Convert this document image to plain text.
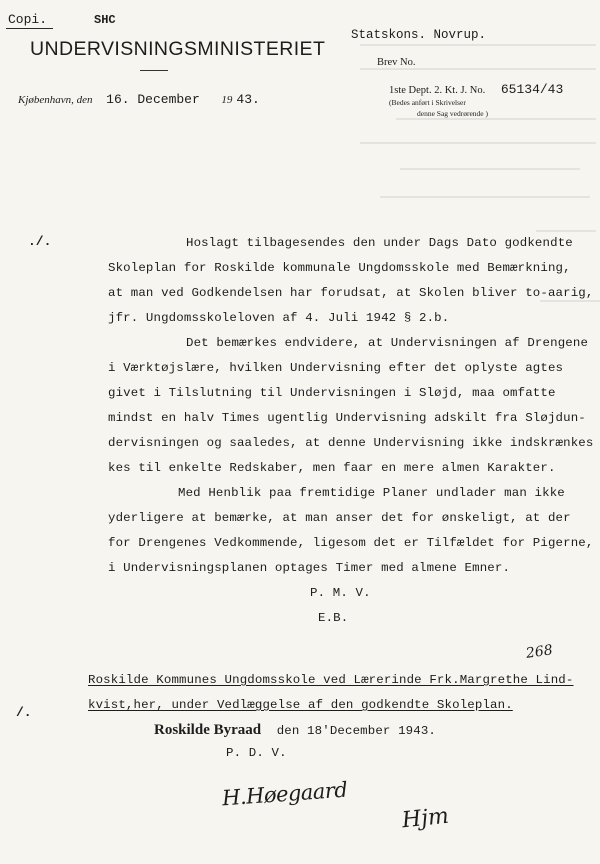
Copi.	SHC
UNDERVISNINGSMINISTERIET
Kjøbenhavn, den 16. December 19 43.
Statskons. Novrup.
Brev No.
1ste Dept. 2. Kt. J. No. 65134/43
(Bedes anført i Skrivelser
denne Sag vedrørende )
./.	Hoslagt tilbagesendes den under Dags Dato godkendte
Skoleplan for Roskilde kommunale Ungdomsskole med Bemærkning,
at man ved Godkendelsen har forudsat, at Skolen bliver to-aarig,
jfr. Ungdomsskoleloven af 4. Juli 1942 § 2.b.
Det bemærkes endvidere, at Undervisningen af Drengene
i Værktøjslære, hvilken Undervisning efter det oplyste agtes
givet i Tilslutning til Undervisningen i Sløjd, maa omfatte
mindst en halv Times ugentlig Undervisning adskilt fra Sløjdun-
dervisningen og saaledes, at denne Undervisning ikke indskrænkes
kes til enkelte Redskaber, men faar en mere almen Karakter.
Med Henblik paa fremtidige Planer undlader man ikke
yderligere at bemærke, at man anser det for ønskeligt, at der
for Drengenes Vedkommende, ligesom det er Tilfældet for Pigerne,
i Undervisningsplanen optages Timer med almene Emner.
P. M. V.
E.B.
268
Roskilde Kommunes Ungdomsskole ved Lærerinde Frk.Margrethe Lind-
/.	kvist,her, under Vedlæggelse af den godkendte Skoleplan.
Roskilde Byraad den 18'December 1943.
P. D. V.
H.Høegaard
Hjm
